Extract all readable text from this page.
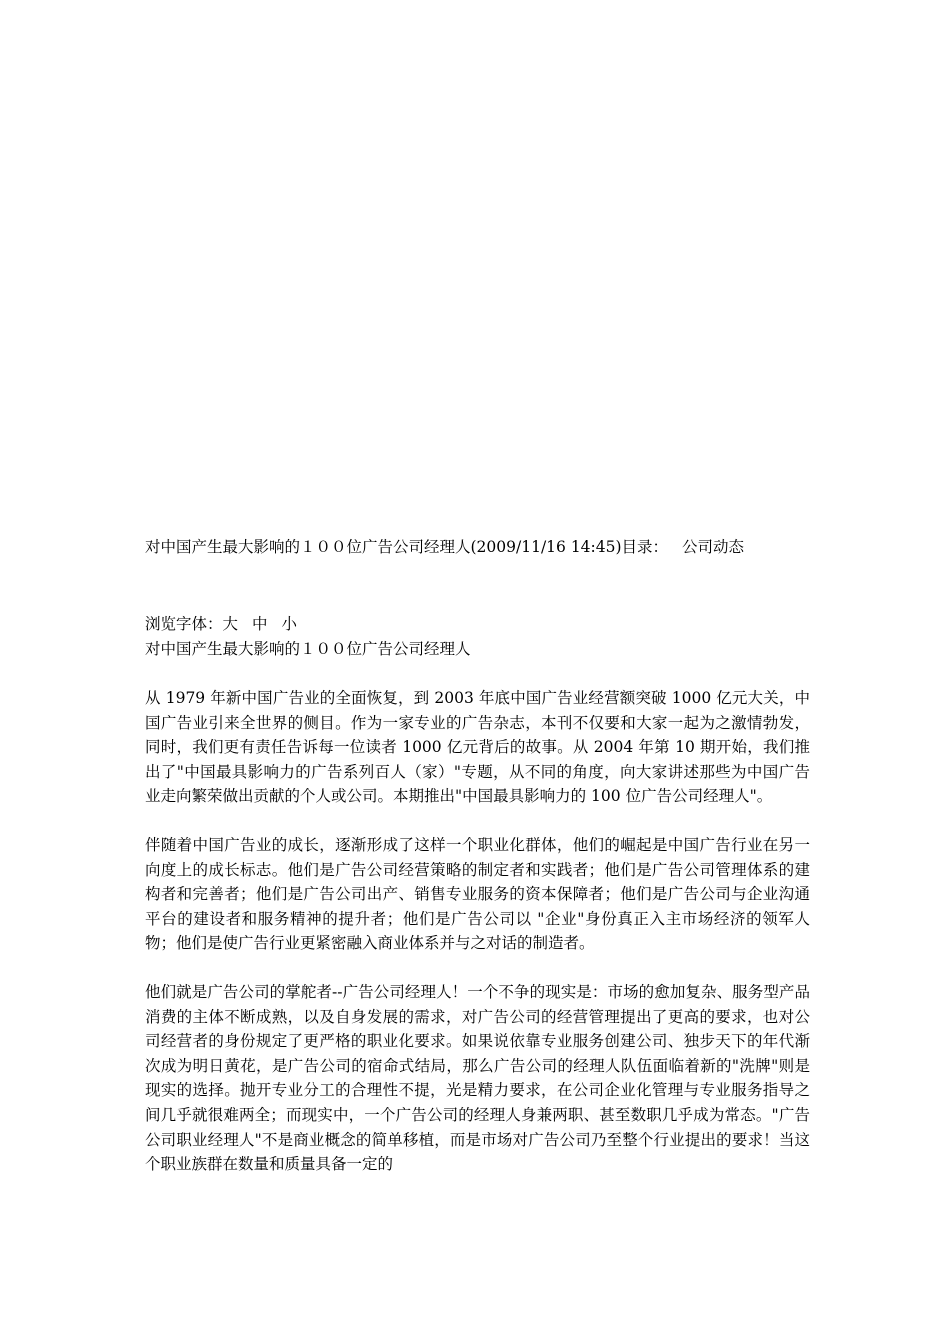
对中国产生最大影响的１００位广告公司经理人(2009/11/16 14:45)目录： 公司动态
浏览字体：大 中 小
对中国产生最大影响的１００位广告公司经理人

从 1979 年新中国广告业的全面恢复，到 2003 年底中国广告业经营额突破 1000 亿元大关，中国广告业引来全世界的侧目。作为一家专业的广告杂志，本刊不仅要和大家一起为之激情勃发，同时，我们更有责任告诉每一位读者 1000 亿元背后的故事。从 2004 年第 10 期开始，我们推出了"中国最具影响力的广告系列百人（家）"专题，从不同的角度，向大家讲述那些为中国广告业走向繁荣做出贡献的个人或公司。本期推出"中国最具影响力的 100 位广告公司经理人"。

伴随着中国广告业的成长，逐渐形成了这样一个职业化群体，他们的崛起是中国广告行业在另一向度上的成长标志。他们是广告公司经营策略的制定者和实践者；他们是广告公司管理体系的建构者和完善者；他们是广告公司出产、销售专业服务的资本保障者；他们是广告公司与企业沟通平台的建设者和服务精神的提升者；他们是广告公司以 "企业"身份真正入主市场经济的领军人物；他们是使广告行业更紧密融入商业体系并与之对话的制造者。

他们就是广告公司的掌舵者--广告公司经理人！一个不争的现实是：市场的愈加复杂、服务型产品消费的主体不断成熟，以及自身发展的需求，对广告公司的经营管理提出了更高的要求，也对公司经营者的身份规定了更严格的职业化要求。如果说依靠专业服务创建公司、独步天下的年代渐次成为明日黄花，是广告公司的宿命式结局，那么广告公司的经理人队伍面临着新的"洗牌"则是现实的选择。抛开专业分工的合理性不提，光是精力要求，在公司企业化管理与专业服务指导之间几乎就很难两全；而现实中，一个广告公司的经理人身兼两职、甚至数职几乎成为常态。"广告公司职业经理人"不是商业概念的简单移植，而是市场对广告公司乃至整个行业提出的要求！当这个职业族群在数量和质量具备一定的
